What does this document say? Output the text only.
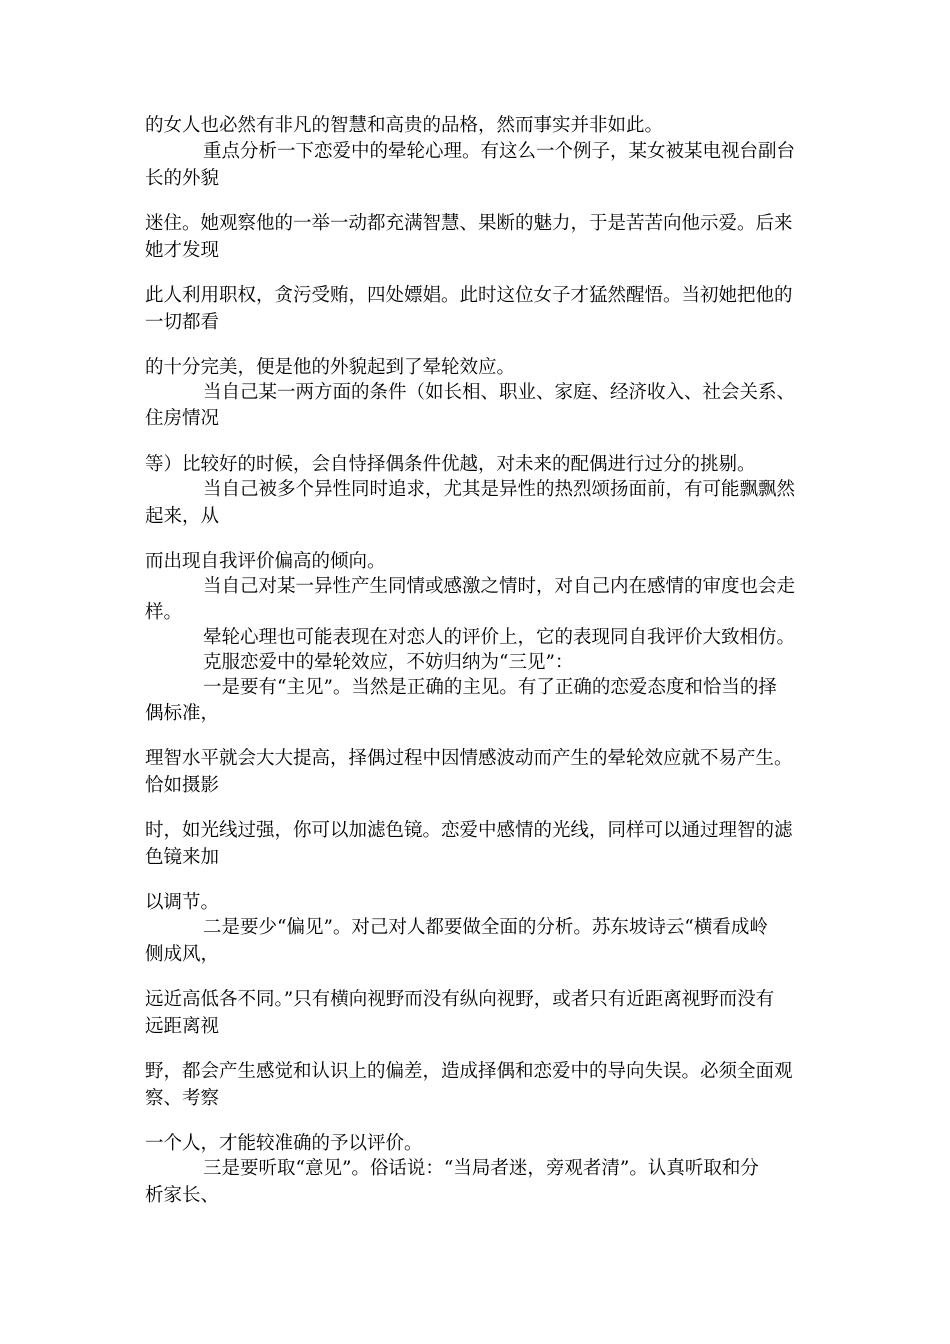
的女人也必然有非凡的智慧和高贵的品格，然而事实并非如此。
重点分析一下恋爱中的晕轮心理。有这么一个例子，某女被某电视台副台
长的外貌
迷住。她观察他的一举一动都充满智慧、果断的魅力，于是苦苦向他示爱。后来
她才发现
此人利用职权，贪污受贿，四处嫖娼。此时这位女子才猛然醒悟。当初她把他的
一切都看
的十分完美，便是他的外貌起到了晕轮效应。
当自己某一两方面的条件（如长相、职业、家庭、经济收入、社会关系、
住房情况
等）比较好的时候，会自恃择偶条件优越，对未来的配偶进行过分的挑剔。
当自己被多个异性同时追求，尤其是异性的热烈颂扬面前，有可能飘飘然
起来，从
而出现自我评价偏高的倾向。
当自己对某一异性产生同情或感激之情时，对自己内在感情的审度也会走
样。
晕轮心理也可能表现在对恋人的评价上，它的表现同自我评价大致相仿。
克服恋爱中的晕轮效应，不妨归纳为“三见”：
一是要有“主见”。当然是正确的主见。有了正确的恋爱态度和恰当的择
偶标准，
理智水平就会大大提高，择偶过程中因情感波动而产生的晕轮效应就不易产生。
恰如摄影
时，如光线过强，你可以加滤色镜。恋爱中感情的光线，同样可以通过理智的滤
色镜来加
以调节。
二是要少“偏见”。对己对人都要做全面的分析。苏东坡诗云“横看成岭
侧成风，
远近高低各不同。”只有横向视野而没有纵向视野，或者只有近距离视野而没有
远距离视
野，都会产生感觉和认识上的偏差，造成择偶和恋爱中的导向失误。必须全面观
察、考察
一个人，才能较准确的予以评价。
三是要听取“意见”。俗话说：“当局者迷，旁观者清”。认真听取和分
析家长、
